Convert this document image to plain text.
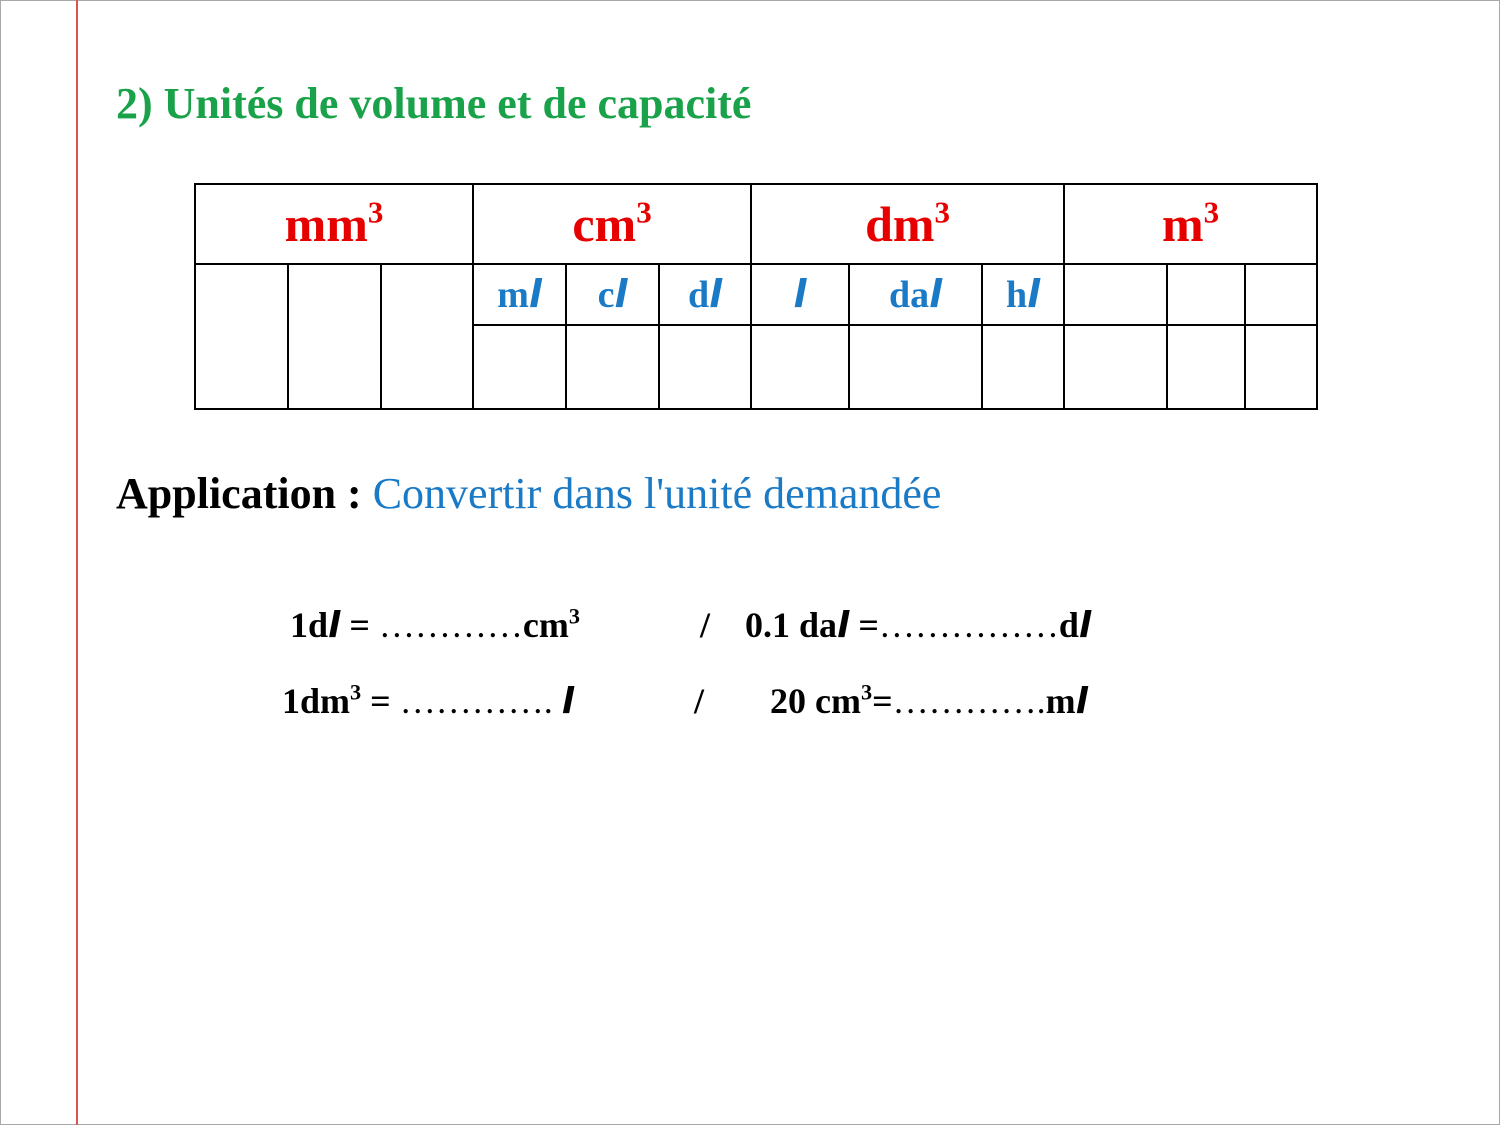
2) Unités de volume et de capacité
$mm^3$			$cm^3$			$dm^3$			$m^3$
			ml	cl	dl	l	dal	hl			

Application : Convertir dans l'unité demandée
$1dl = \dots\dots\dots\dots cm^3$	/ 0.1 dal =……………dl
$1dm^3$ = …………. l	/ 20 $cm^3=\dots\dots\dots\dots.ml$
